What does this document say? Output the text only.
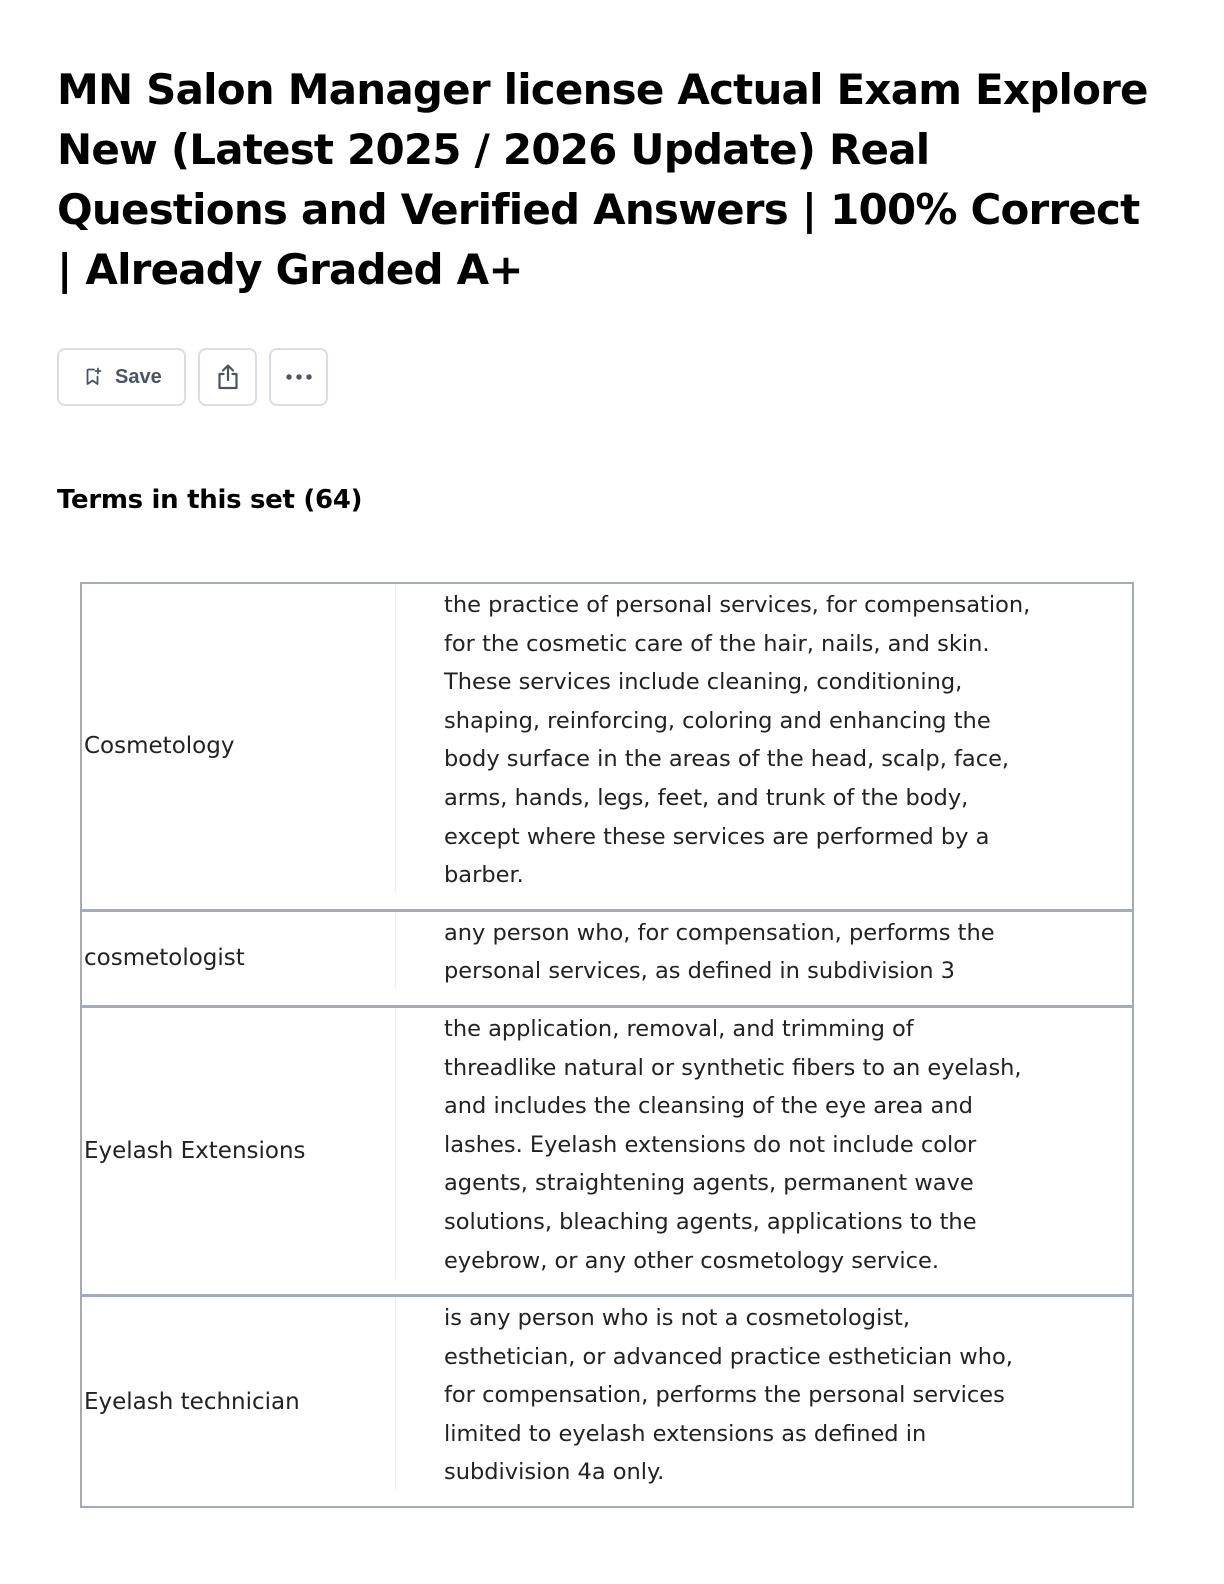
MN Salon Manager license Actual Exam Explore New (Latest 2025 / 2026 Update) Real Questions and Verified Answers | 100% Correct | Already Graded A+
Save
Terms in this set (64)
Cosmetology	the practice of personal services, for compensation, for the cosmetic care of the hair, nails, and skin. These services include cleaning, conditioning, shaping, reinforcing, coloring and enhancing the body surface in the areas of the head, scalp, face, arms, hands, legs, feet, and trunk of the body, except where these services are performed by a barber.

cosmetologist	any person who, for compensation, performs the personal services, as defined in subdivision 3

Eyelash Extensions	the application, removal, and trimming of threadlike natural or synthetic fibers to an eyelash, and includes the cleansing of the eye area and lashes. Eyelash extensions do not include color agents, straightening agents, permanent wave solutions, bleaching agents, applications to the eyebrow, or any other cosmetology service.

Eyelash technician	is any person who is not a cosmetologist, esthetician, or advanced practice esthetician who, for compensation, performs the personal services limited to eyelash extensions as defined in subdivision 4a only.
